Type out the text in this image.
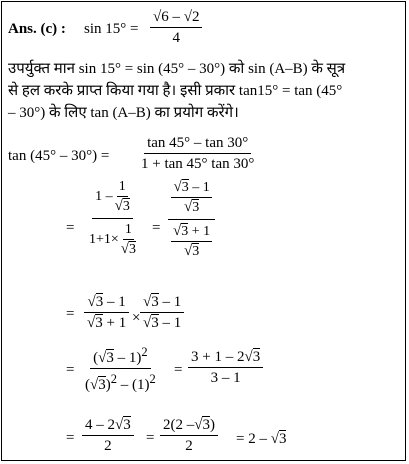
Ans. (c) : $\sin 15^\circ = \frac{√6 - √2}{4}$
उपर्युक्त मान sin 15° = sin (45° – 30°) को sin (A–B) के सूत्र
से हल करके प्राप्त किया गया है। इसी प्रकार tan15° = tan (45°
– 30°) के लिए tan (A–B) का प्रयोग करेंगे।
$\tan (45^\circ - 30^\circ) = \frac{\tan 45^\circ - \tan 30^\circ}{1 + \tan 45^\circ \tan 30^\circ}$
= $\frac{1 - \frac{1}{√3}}{1+1\times \frac{1}{√3}} = \frac{\frac{√3 - 1}{√3}}{\frac{√3 + 1}{√3}}$
= $\frac{√3 - 1}{√3 + 1} \times \frac{√3 - 1}{√3 - 1}$
= $\frac{(√3 - 1)^2}{(√3)^2 - (1)^2} = \frac{3 + 1 - 2√3}{3 - 1}$
= $\frac{4 - 2√3}{2} = \frac{2(2 -√3)}{2} = 2 - √3$
